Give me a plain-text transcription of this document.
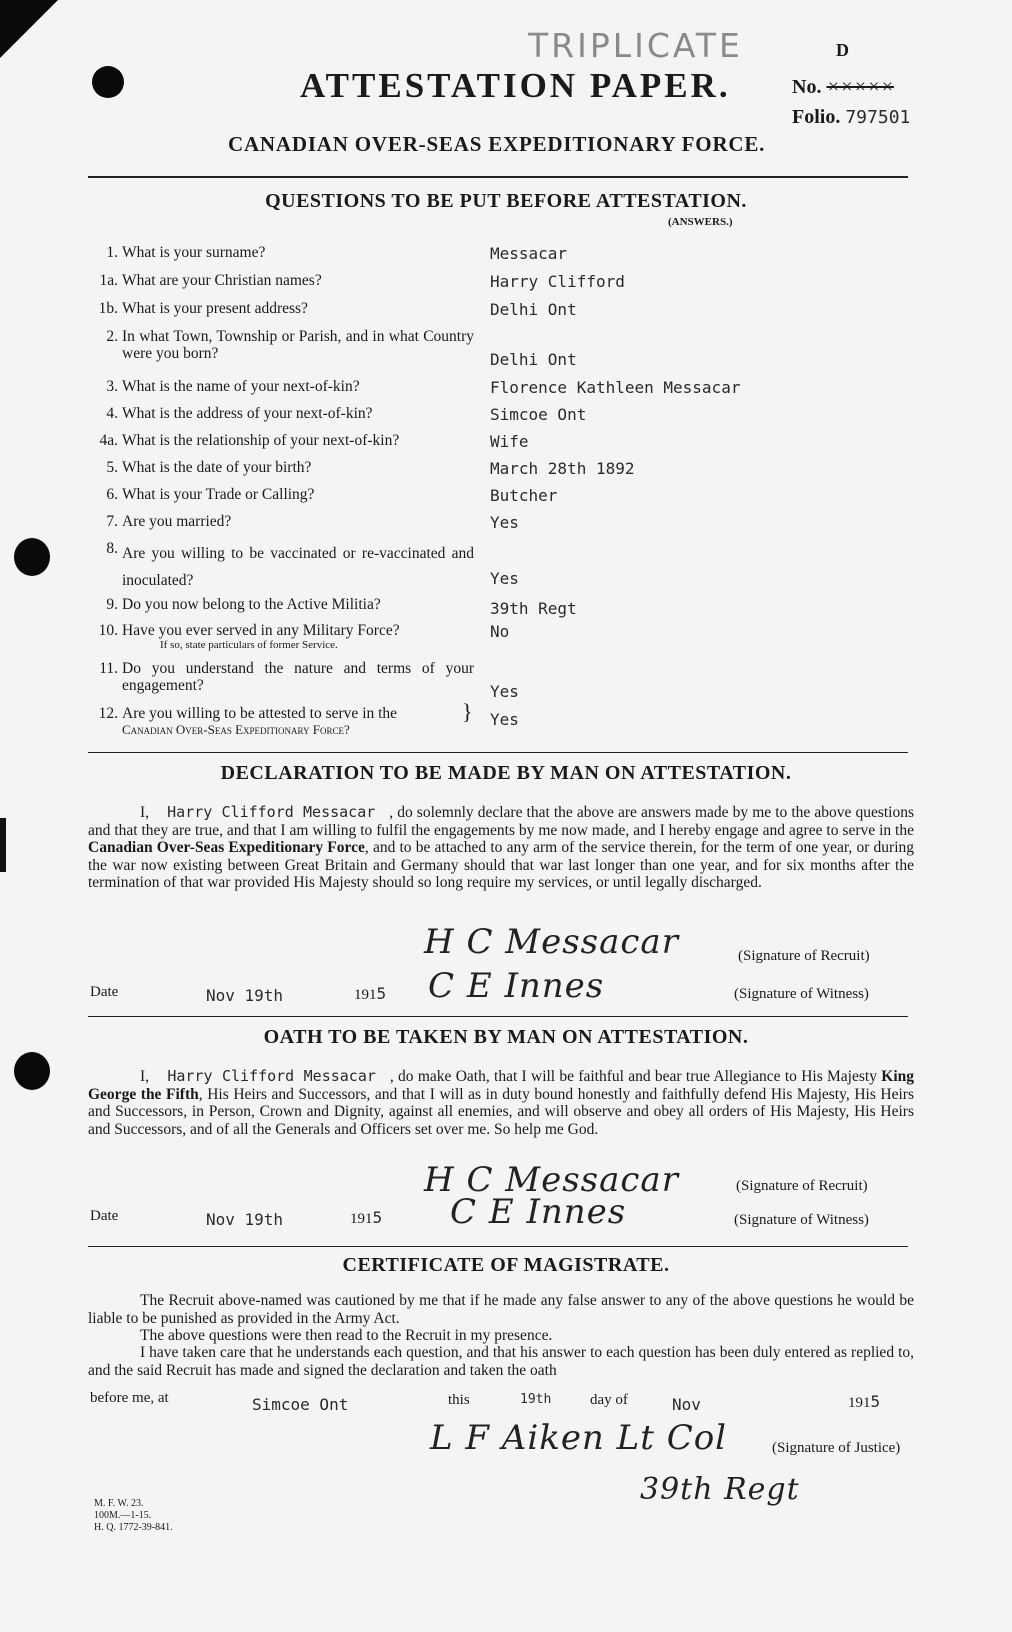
TRIPLICATE	D
No. ×××××
Folio. 797501
ATTESTATION PAPER.
CANADIAN OVER-SEAS EXPEDITIONARY FORCE.
QUESTIONS TO BE PUT BEFORE ATTESTATION.
(ANSWERS.)
1. What is your surname?	Messacar
1a. What are your Christian names?	Harry Clifford
1b. What is your present address?	Delhi Ont
2. In what Town, Township or Parish, and in what Country were you born?	Delhi Ont
3. What is the name of your next-of-kin?	Florence Kathleen Messacar
4. What is the address of your next-of-kin?	Simcoe Ont
4a. What is the relationship of your next-of-kin?	Wife
5. What is the date of your birth?	March 28th 1892
6. What is your Trade or Calling?	Butcher
7. Are you married?	Yes
8. Are you willing to be vaccinated or re-vaccinated and inoculated?	Yes
9. Do you now belong to the Active Militia?	39th Regt
10. Have you ever served in any Military Force?
If so, state particulars of former Service.
No
11. Do you understand the nature and terms of your engagement?	Yes
12. Are you willing to be attested to serve in the
Canadian Over-Seas Expeditionary Force?
Yes
}
DECLARATION TO BE MADE BY MAN ON ATTESTATION.
I, Harry Clifford Messacar , do solemnly declare that the above are answers made by me to the above questions and that they are true, and that I am willing to fulfil the engagements by me now made, and I hereby engage and agree to serve in the Canadian Over-Seas Expeditionary Force, and to be attached to any arm of the service therein, for the term of one year, or during the war now existing between Great Britain and Germany should that war last longer than one year, and for six months after the termination of that war provided His Majesty should so long require my services, or until legally discharged.
H C Messacar	(Signature of Recruit)
Date	Nov 19th	1915 C E Innes	(Signature of Witness)
OATH TO BE TAKEN BY MAN ON ATTESTATION.
I, Harry Clifford Messacar , do make Oath, that I will be faithful and bear true Allegiance to His Majesty King George the Fifth, His Heirs and Successors, and that I will as in duty bound honestly and faithfully defend His Majesty, His Heirs and Successors, in Person, Crown and Dignity, against all enemies, and will observe and obey all orders of His Majesty, His Heirs and Successors, and of all the Generals and Officers set over me. So help me God.
H C Messacar	(Signature of Recruit)
Date	Nov 19th	1915 C E Innes	(Signature of Witness)
CERTIFICATE OF MAGISTRATE.
The Recruit above-named was cautioned by me that if he made any false answer to any of the above questions he would be liable to be punished as provided in the Army Act.
The above questions were then read to the Recruit in my presence.
I have taken care that he understands each question, and that his answer to each question has been duly entered as replied to, and the said Recruit has made and signed the declaration and taken the oath
before me, at	Simcoe Ont	this	19th	day of	Nov	1915
L F Aiken Lt Col	(Signature of Justice)
39th Regt
M. F. W. 23.
100M.—1-15.
H. Q. 1772-39-841.
